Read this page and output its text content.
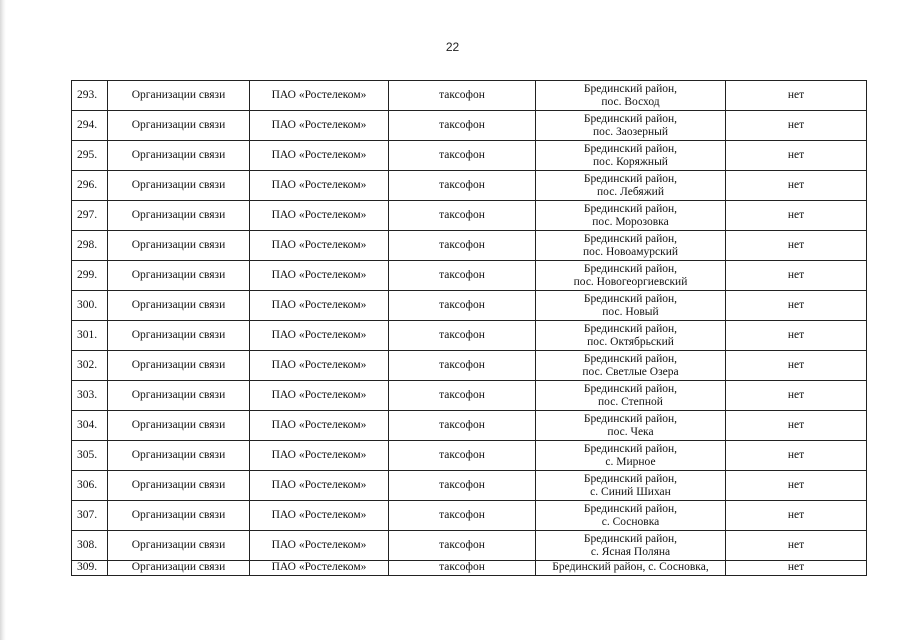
22
293.	Организации связи	ПАО «Ростелеком»	таксофон	Брединский район,
пос. Восход	нет
294.	Организации связи	ПАО «Ростелеком»	таксофон	Брединский район,
пос. Заозерный	нет
295.	Организации связи	ПАО «Ростелеком»	таксофон	Брединский район,
пос. Коряжный	нет
296.	Организации связи	ПАО «Ростелеком»	таксофон	Брединский район,
пос. Лебяжий	нет
297.	Организации связи	ПАО «Ростелеком»	таксофон	Брединский район,
пос. Морозовка	нет
298.	Организации связи	ПАО «Ростелеком»	таксофон	Брединский район,
пос. Новоамурский	нет
299.	Организации связи	ПАО «Ростелеком»	таксофон	Брединский район,
пос. Новогеоргиевский	нет
300.	Организации связи	ПАО «Ростелеком»	таксофон	Брединский район,
пос. Новый	нет
301.	Организации связи	ПАО «Ростелеком»	таксофон	Брединский район,
пос. Октябрьский	нет
302.	Организации связи	ПАО «Ростелеком»	таксофон	Брединский район,
пос. Светлые Озера	нет
303.	Организации связи	ПАО «Ростелеком»	таксофон	Брединский район,
пос. Степной	нет
304.	Организации связи	ПАО «Ростелеком»	таксофон	Брединский район,
пос. Чека	нет
305.	Организации связи	ПАО «Ростелеком»	таксофон	Брединский район,
с. Мирное	нет
306.	Организации связи	ПАО «Ростелеком»	таксофон	Брединский район,
с. Синий Шихан	нет
307.	Организации связи	ПАО «Ростелеком»	таксофон	Брединский район,
с. Сосновка	нет
308.	Организации связи	ПАО «Ростелеком»	таксофон	Брединский район,
с. Ясная Поляна	нет
309.	Организации связи	ПАО «Ростелеком»	таксофон	Брединский район, с. Сосновка,	нет
